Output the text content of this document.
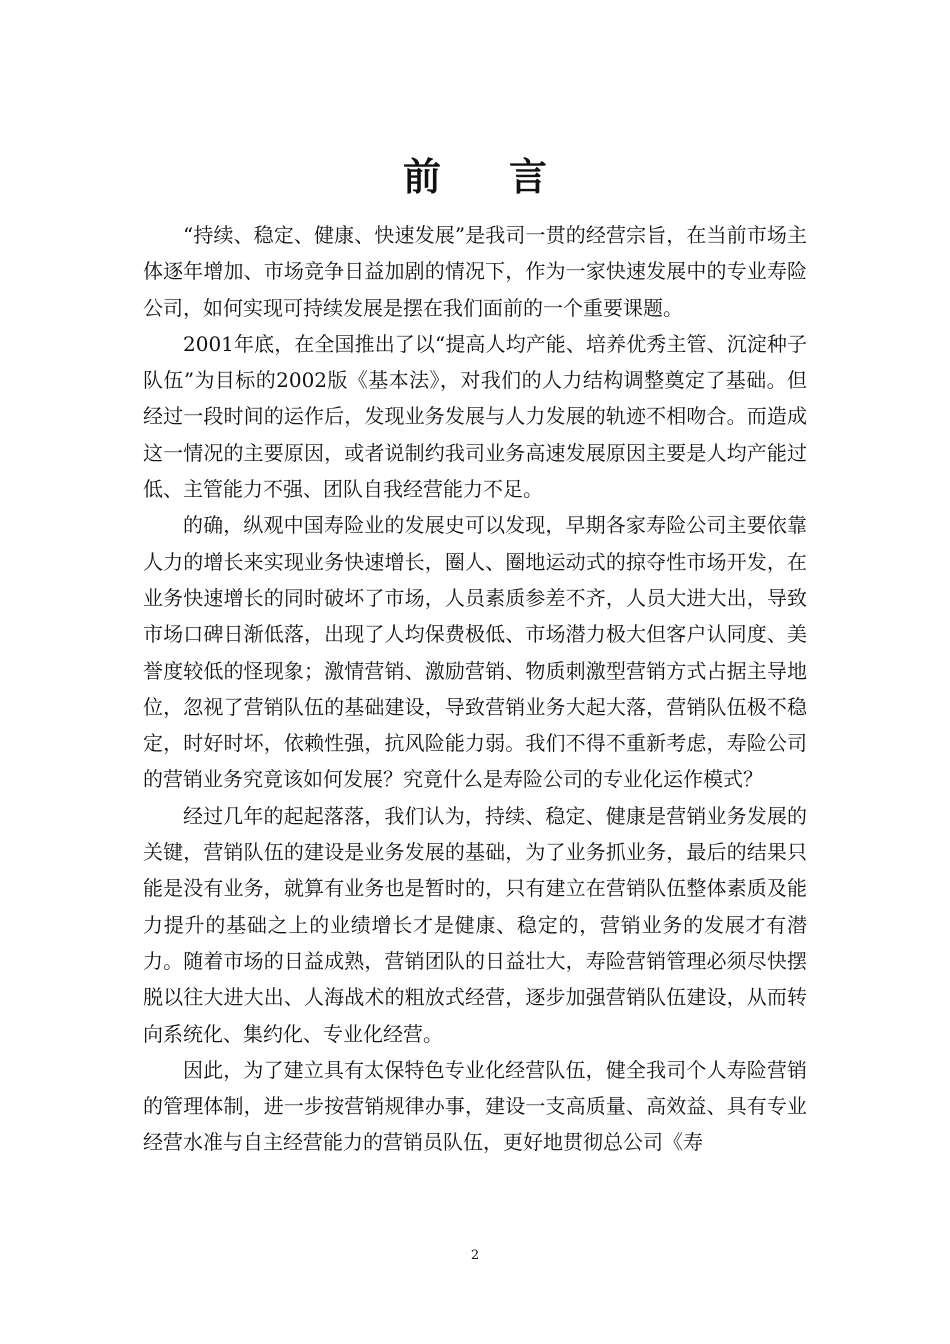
前言

“持续、稳定、健康、快速发展”是我司一贯的经营宗旨，在当前市场主体逐年增加、市场竞争日益加剧的情况下，作为一家快速发展中的专业寿险公司，如何实现可持续发展是摆在我们面前的一个重要课题。

2001年底，在全国推出了以“提高人均产能、培养优秀主管、沉淀种子队伍”为目标的2002版《基本法》，对我们的人力结构调整奠定了基础。但经过一段时间的运作后，发现业务发展与人力发展的轨迹不相吻合。而造成这一情况的主要原因，或者说制约我司业务高速发展原因主要是人均产能过低、主管能力不强、团队自我经营能力不足。

的确，纵观中国寿险业的发展史可以发现，早期各家寿险公司主要依靠人力的增长来实现业务快速增长，圈人、圈地运动式的掠夺性市场开发，在业务快速增长的同时破坏了市场，人员素质参差不齐，人员大进大出，导致市场口碑日渐低落，出现了人均保费极低、市场潜力极大但客户认同度、美誉度较低的怪现象；激情营销、激励营销、物质刺激型营销方式占据主导地位，忽视了营销队伍的基础建设，导致营销业务大起大落，营销队伍极不稳定，时好时坏，依赖性强，抗风险能力弱。我们不得不重新考虑，寿险公司的营销业务究竟该如何发展？究竟什么是寿险公司的专业化运作模式？

经过几年的起起落落，我们认为，持续、稳定、健康是营销业务发展的关键，营销队伍的建设是业务发展的基础，为了业务抓业务，最后的结果只能是没有业务，就算有业务也是暂时的，只有建立在营销队伍整体素质及能力提升的基础之上的业绩增长才是健康、稳定的，营销业务的发展才有潜力。随着市场的日益成熟，营销团队的日益壮大，寿险营销管理必须尽快摆脱以往大进大出、人海战术的粗放式经营，逐步加强营销队伍建设，从而转向系统化、集约化、专业化经营。

因此，为了建立具有太保特色专业化经营队伍，健全我司个人寿险营销的管理体制，进一步按营销规律办事，建设一支高质量、高效益、具有专业经营水准与自主经营能力的营销员队伍，更好地贯彻总公司《寿

2
